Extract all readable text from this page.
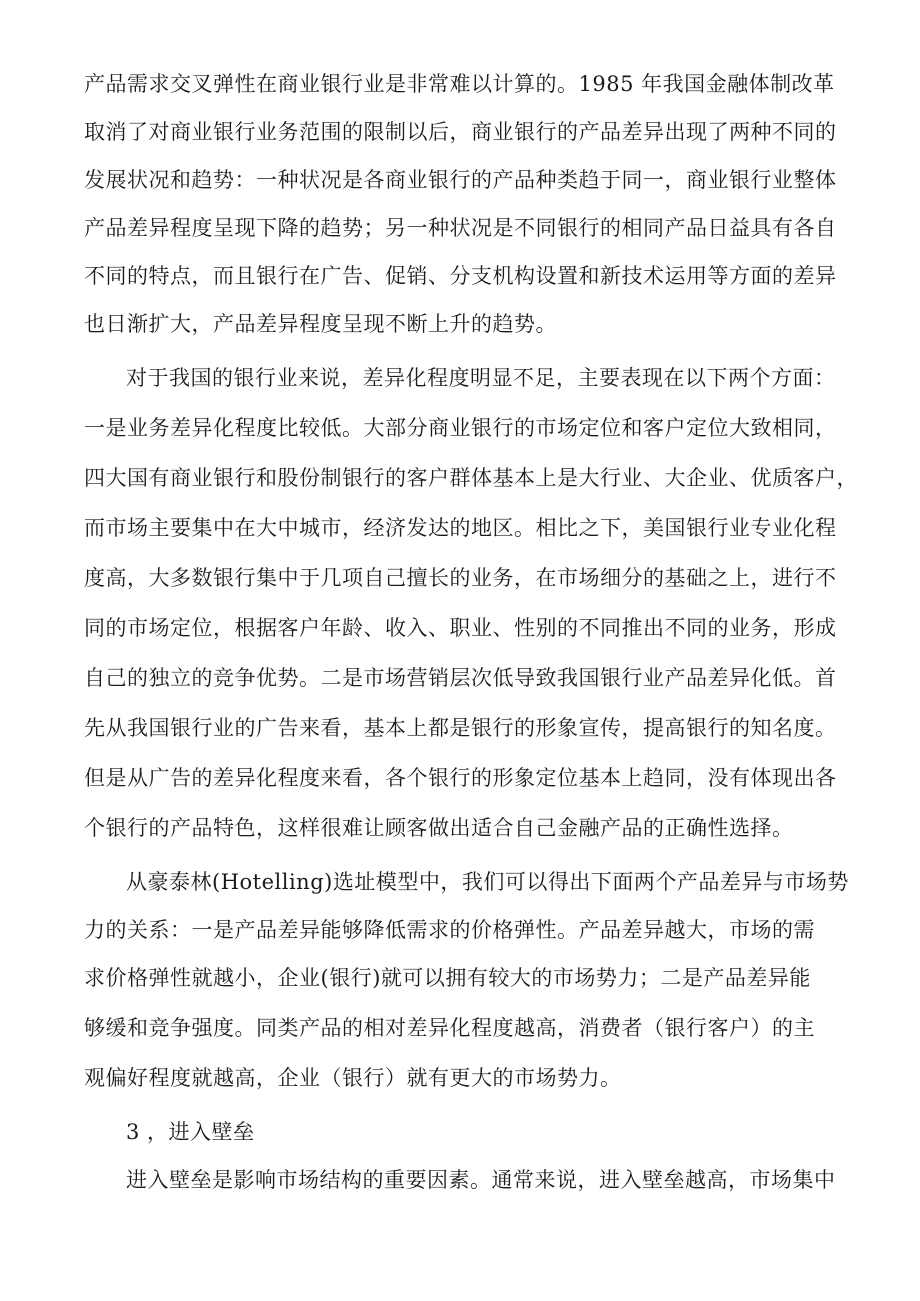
产品需求交叉弹性在商业银行业是非常难以计算的。1985 年我国金融体制改革
取消了对商业银行业务范围的限制以后，商业银行的产品差异出现了两种不同的
发展状况和趋势：一种状况是各商业银行的产品种类趋于同一，商业银行业整体
产品差异程度呈现下降的趋势；另一种状况是不同银行的相同产品日益具有各自
不同的特点，而且银行在广告、促销、分支机构设置和新技术运用等方面的差异
也日渐扩大，产品差异程度呈现不断上升的趋势。
对于我国的银行业来说，差异化程度明显不足，主要表现在以下两个方面：
一是业务差异化程度比较低。大部分商业银行的市场定位和客户定位大致相同，
四大国有商业银行和股份制银行的客户群体基本上是大行业、大企业、优质客户，
而市场主要集中在大中城市，经济发达的地区。相比之下，美国银行业专业化程
度高，大多数银行集中于几项自己擅长的业务，在市场细分的基础之上，进行不
同的市场定位，根据客户年龄、收入、职业、性别的不同推出不同的业务，形成
自己的独立的竞争优势。二是市场营销层次低导致我国银行业产品差异化低。首
先从我国银行业的广告来看，基本上都是银行的形象宣传，提高银行的知名度。
但是从广告的差异化程度来看，各个银行的形象定位基本上趋同，没有体现出各
个银行的产品特色，这样很难让顾客做出适合自己金融产品的正确性选择。
从豪泰林(Hotelling)选址模型中，我们可以得出下面两个产品差异与市场势
力的关系：一是产品差异能够降低需求的价格弹性。产品差异越大，市场的需
求价格弹性就越小，企业(银行)就可以拥有较大的市场势力；二是产品差异能
够缓和竞争强度。同类产品的相对差异化程度越高，消费者（银行客户）的主
观偏好程度就越高，企业（银行）就有更大的市场势力。
3 ，进入壁垒
进入壁垒是影响市场结构的重要因素。通常来说，进入壁垒越高，市场集中
